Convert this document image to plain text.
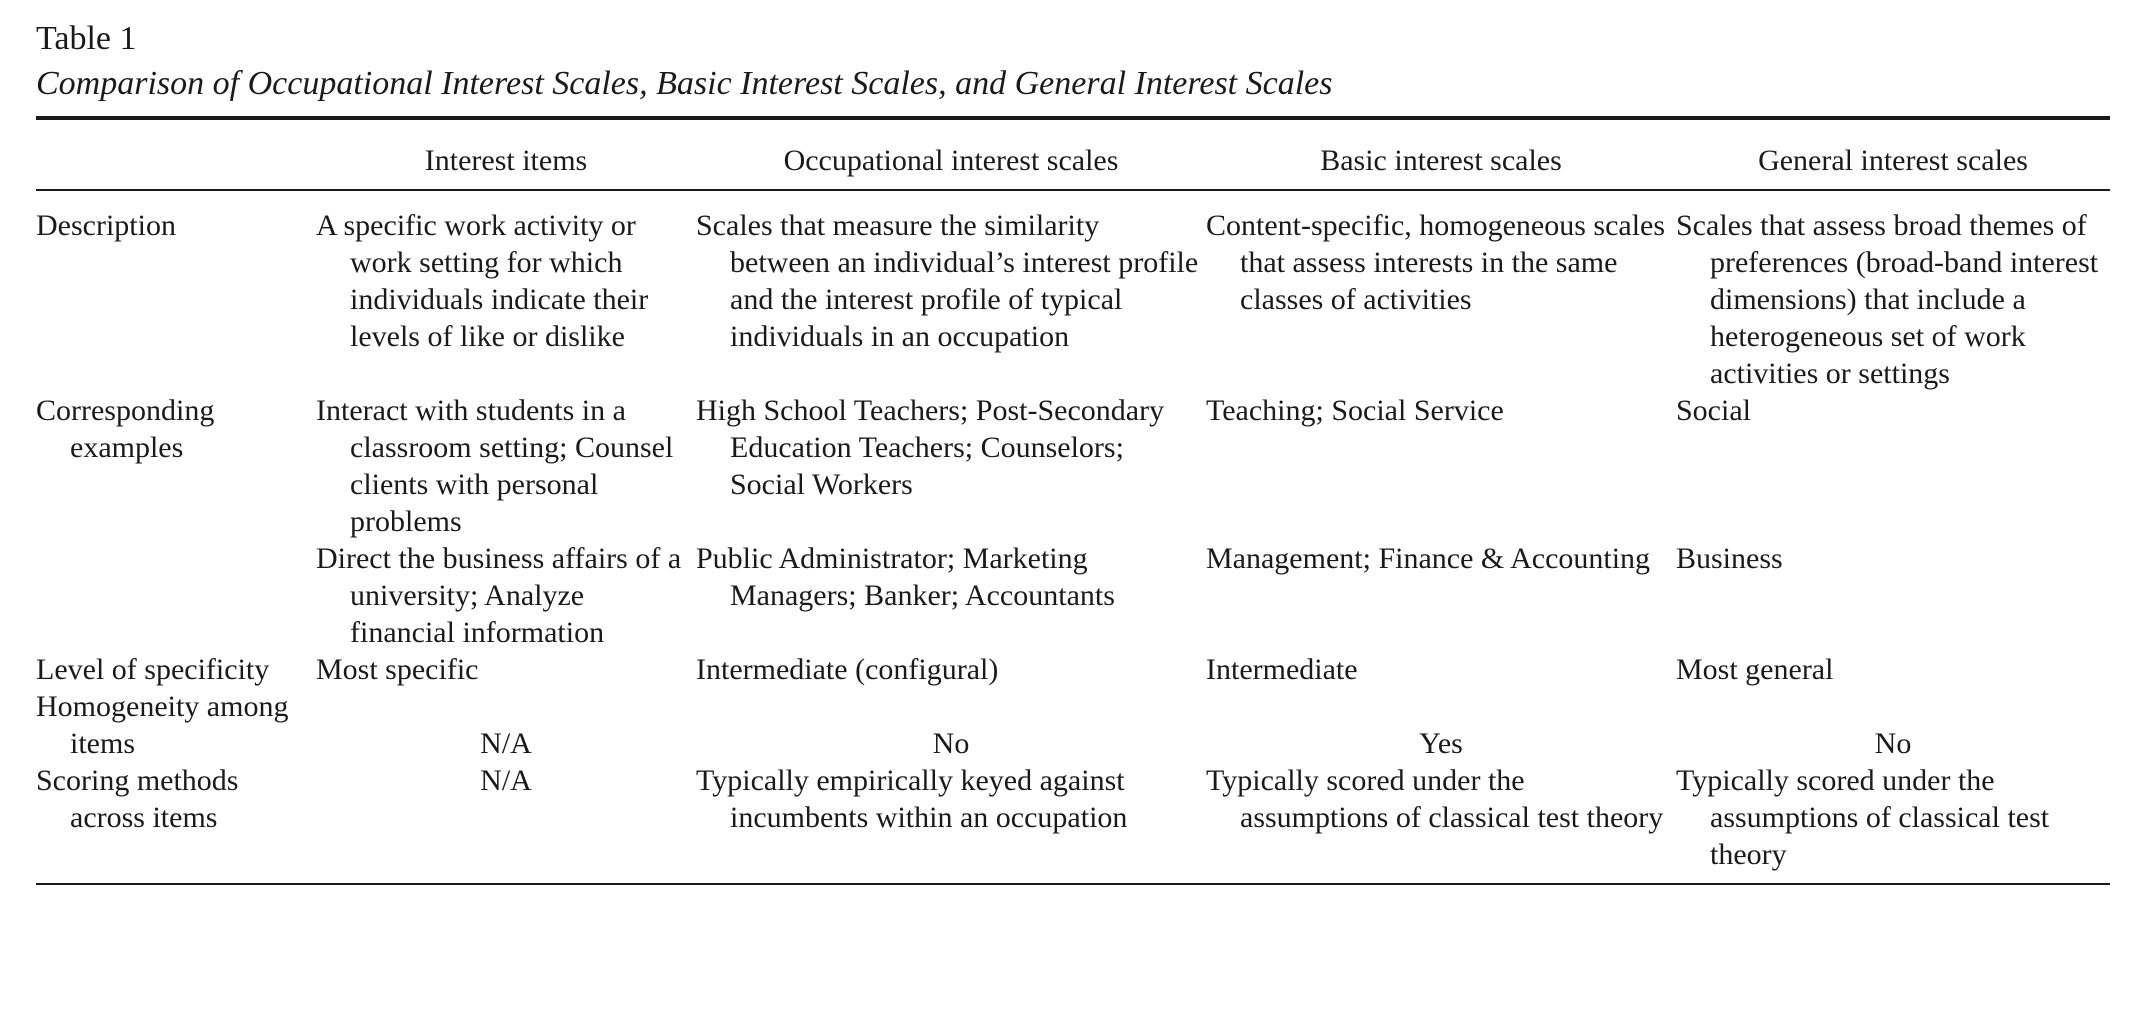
Table 1

Comparison of Occupational Interest Scales, Basic Interest Scales, and General Interest Scales

	Interest items	Occupational interest scales	Basic interest scales	General interest scales
Description	A specific work activity or work setting for which individuals indicate their levels of like or dislike	Scales that measure the similarity between an individual’s interest profile and the interest profile of typical individuals in an occupation	Content-specific, homogeneous scales that assess interests in the same classes of activities	Scales that assess broad themes of preferences (broad-band interest dimensions) that include a heterogeneous set of work activities or settings
Corresponding examples	Interact with students in a classroom setting; Counsel clients with personal problems	High School Teachers; Post-Secondary Education Teachers; Counselors; Social Workers	Teaching; Social Service	Social
	Direct the business affairs of a university; Analyze financial information	Public Administrator; Marketing Managers; Banker; Accountants	Management; Finance & Accounting	Business
Level of specificity	Most specific	Intermediate (configural)	Intermediate	Most general
Homogeneity among items	N/A	No	Yes	No
Scoring methods across items	N/A	Typically empirically keyed against incumbents within an occupation	Typically scored under the assumptions of classical test theory	Typically scored under the assumptions of classical test theory
